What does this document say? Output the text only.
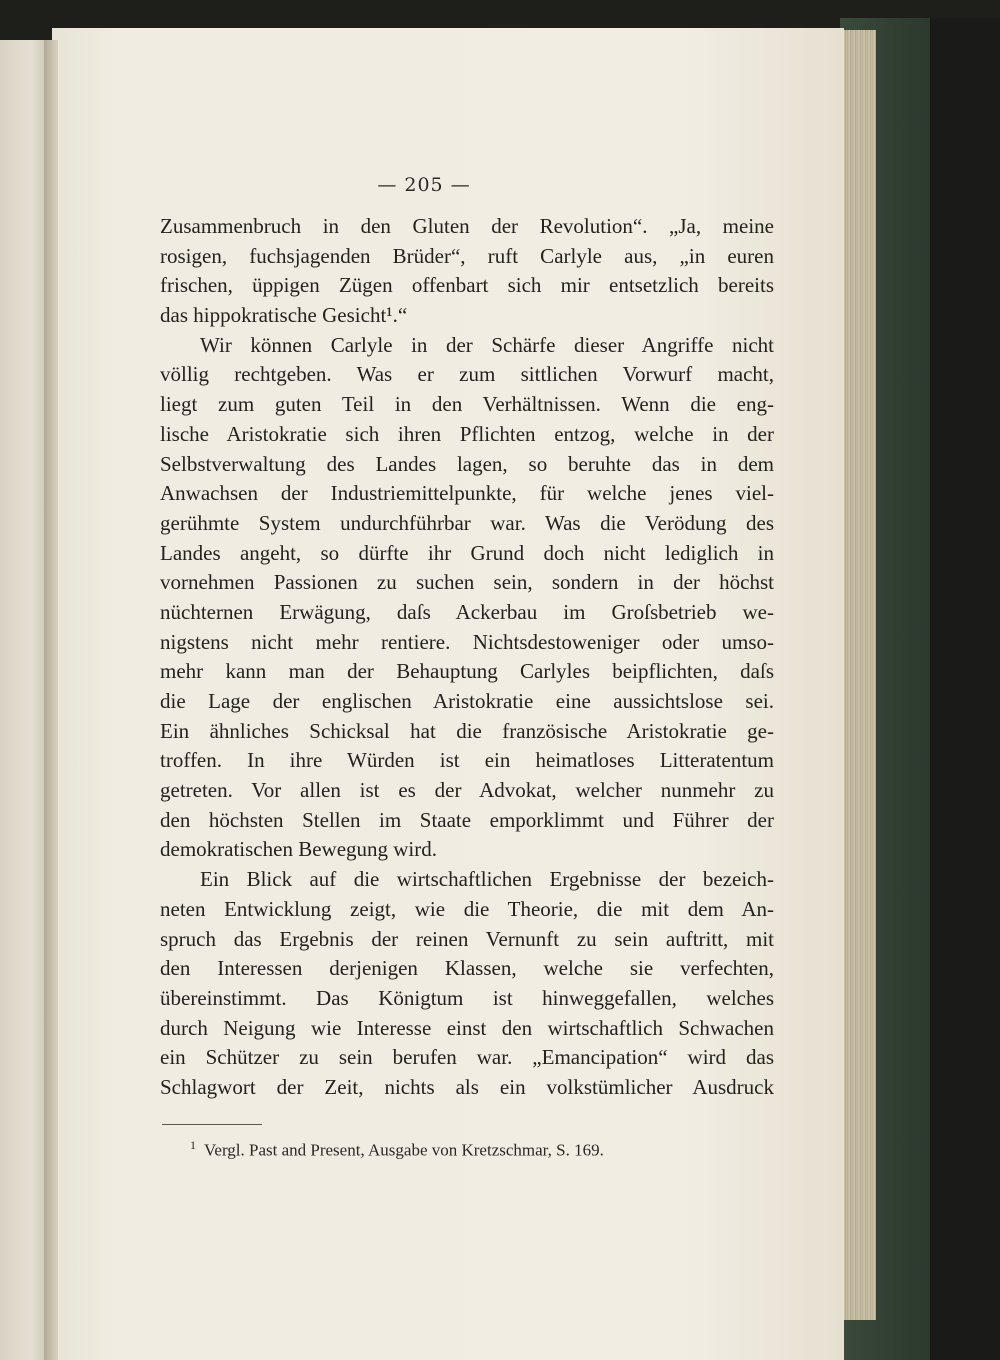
— 205 —
Zusammenbruch in den Gluten der Revolution“. „Ja, meine
rosigen, fuchsjagenden Brüder“, ruft Carlyle aus, „in euren
frischen, üppigen Zügen offenbart sich mir entsetzlich bereits
das hippokratische Gesicht¹.“
Wir können Carlyle in der Schärfe dieser Angriffe nicht
völlig rechtgeben. Was er zum sittlichen Vorwurf macht,
liegt zum guten Teil in den Verhältnissen. Wenn die eng-
lische Aristokratie sich ihren Pflichten entzog, welche in der
Selbstverwaltung des Landes lagen, so beruhte das in dem
Anwachsen der Industriemittelpunkte, für welche jenes viel-
gerühmte System undurchführbar war. Was die Verödung des
Landes angeht, so dürfte ihr Grund doch nicht lediglich in
vornehmen Passionen zu suchen sein, sondern in der höchst
nüchternen Erwägung, daſs Ackerbau im Groſsbetrieb we-
nigstens nicht mehr rentiere. Nichtsdestoweniger oder umso-
mehr kann man der Behauptung Carlyles beipflichten, daſs
die Lage der englischen Aristokratie eine aussichtslose sei.
Ein ähnliches Schicksal hat die französische Aristokratie ge-
troffen. In ihre Würden ist ein heimatloses Litteratentum
getreten. Vor allen ist es der Advokat, welcher nunmehr zu
den höchsten Stellen im Staate emporklimmt und Führer der
demokratischen Bewegung wird.
Ein Blick auf die wirtschaftlichen Ergebnisse der bezeich-
neten Entwicklung zeigt, wie die Theorie, die mit dem An-
spruch das Ergebnis der reinen Vernunft zu sein auftritt, mit
den Interessen derjenigen Klassen, welche sie verfechten,
übereinstimmt. Das Königtum ist hinweggefallen, welches
durch Neigung wie Interesse einst den wirtschaftlich Schwachen
ein Schützer zu sein berufen war. „Emancipation“ wird das
Schlagwort der Zeit, nichts als ein volkstümlicher Ausdruck
$^1$ Vergl. Past and Present, Ausgabe von Kretzschmar, S. 169.
